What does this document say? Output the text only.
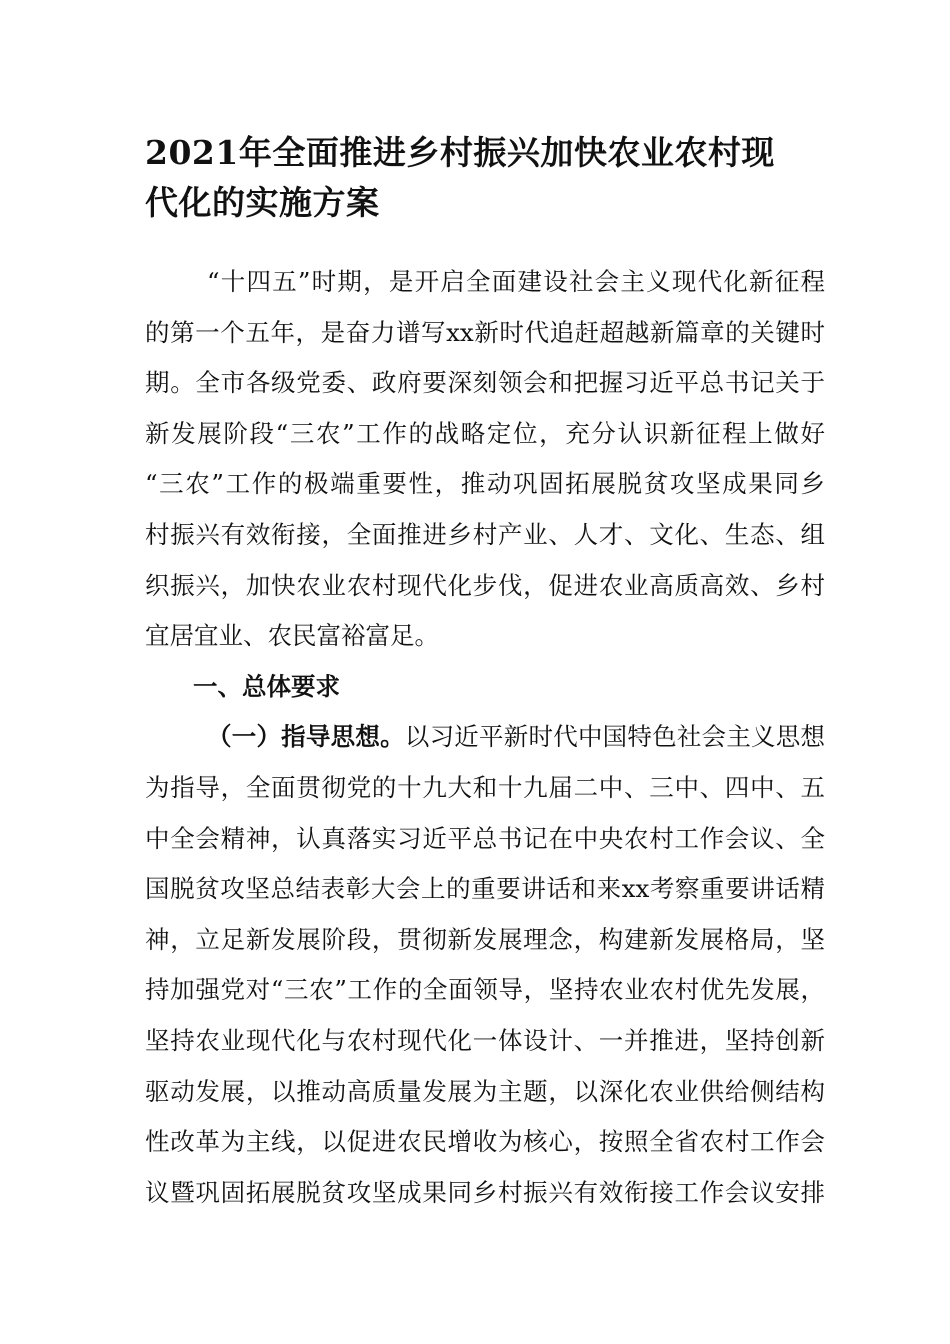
2021年全面推进乡村振兴加快农业农村现
代化的实施方案
“十四五”时期，是开启全面建设社会主义现代化新征程
的第一个五年，是奋力谱写xx新时代追赶超越新篇章的关键时
期。全市各级党委、政府要深刻领会和把握习近平总书记关于
新发展阶段“三农”工作的战略定位，充分认识新征程上做好
“三农”工作的极端重要性，推动巩固拓展脱贫攻坚成果同乡
村振兴有效衔接，全面推进乡村产业、人才、文化、生态、组
织振兴，加快农业农村现代化步伐，促进农业高质高效、乡村
宜居宜业、农民富裕富足。
一、总体要求
（一）指导思想。以习近平新时代中国特色社会主义思想
为指导，全面贯彻党的十九大和十九届二中、三中、四中、五
中全会精神，认真落实习近平总书记在中央农村工作会议、全
国脱贫攻坚总结表彰大会上的重要讲话和来xx考察重要讲话精
神，立足新发展阶段，贯彻新发展理念，构建新发展格局，坚
持加强党对“三农”工作的全面领导，坚持农业农村优先发展，
坚持农业现代化与农村现代化一体设计、一并推进，坚持创新
驱动发展，以推动高质量发展为主题，以深化农业供给侧结构
性改革为主线，以促进农民增收为核心，按照全省农村工作会
议暨巩固拓展脱贫攻坚成果同乡村振兴有效衔接工作会议安排
